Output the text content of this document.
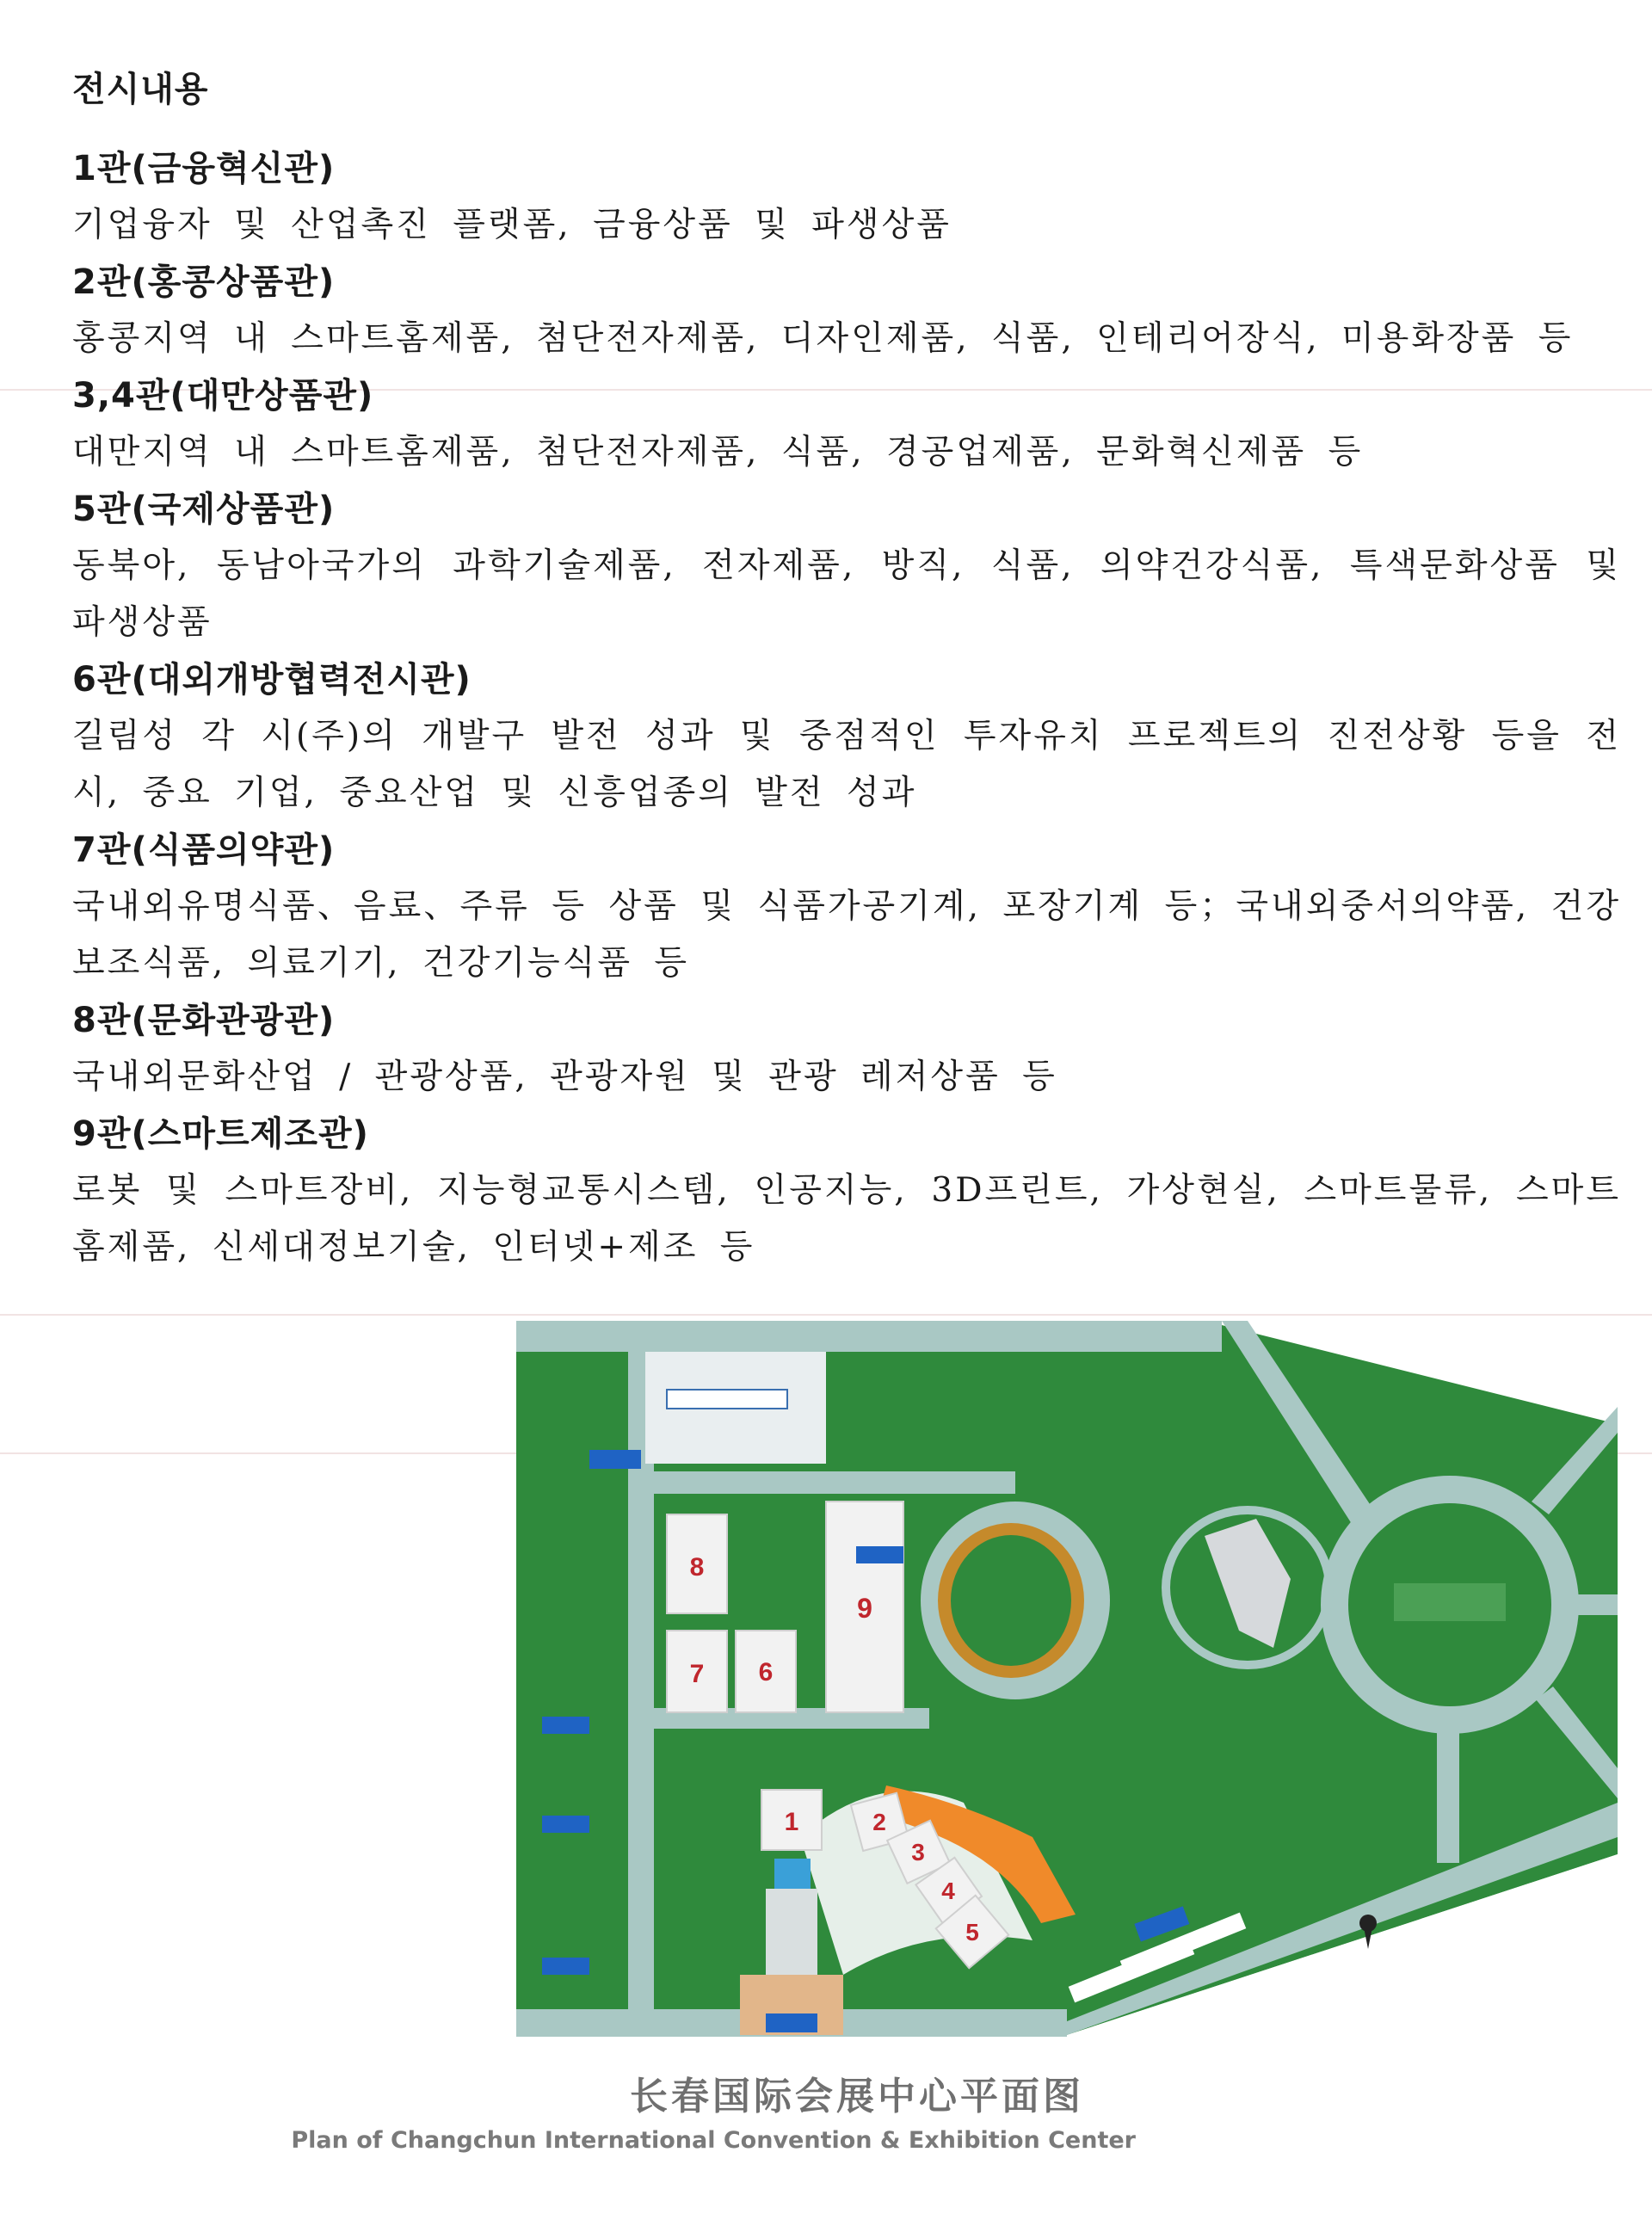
전시내용
1관(금융혁신관)

기업융자 및 산업촉진 플랫폼, 금융상품 및 파생상품

2관(홍콩상품관)

홍콩지역 내 스마트홈제품, 첨단전자제품, 디자인제품, 식품, 인테리어장식, 미용화장품 등

3,4관(대만상품관)

대만지역 내 스마트홈제품, 첨단전자제품, 식품, 경공업제품, 문화혁신제품 등

5관(국제상품관)

동북아, 동남아국가의 과학기술제품, 전자제품, 방직, 식품, 의약건강식품, 특색문화상품 및 파생상품

6관(대외개방협력전시관)

길림성 각 시(주)의 개발구 발전 성과 및 중점적인 투자유치 프로젝트의 진전상황 등을 전시, 중요 기업, 중요산업 및 신흥업종의 발전 성과

7관(식품의약관)

국내외유명식품、음료、주류 등 상품 및 식품가공기계, 포장기계 등；국내외중서의약품, 건강보조식품, 의료기기, 건강기능식품 등

8관(문화관광관)

국내외문화산업 / 관광상품, 관광자원 및 관광 레저상품 등

9관(스마트제조관)

로봇 및 스마트장비, 지능형교통시스템, 인공지능, 3D프린트, 가상현실, 스마트물류, 스마트홈제품, 신세대정보기술, 인터넷+제조 등

8
7 6
9
1	2
3
4
5
长春国际会展中心平面图
Plan of Changchun International Convention & Exhibition Center
